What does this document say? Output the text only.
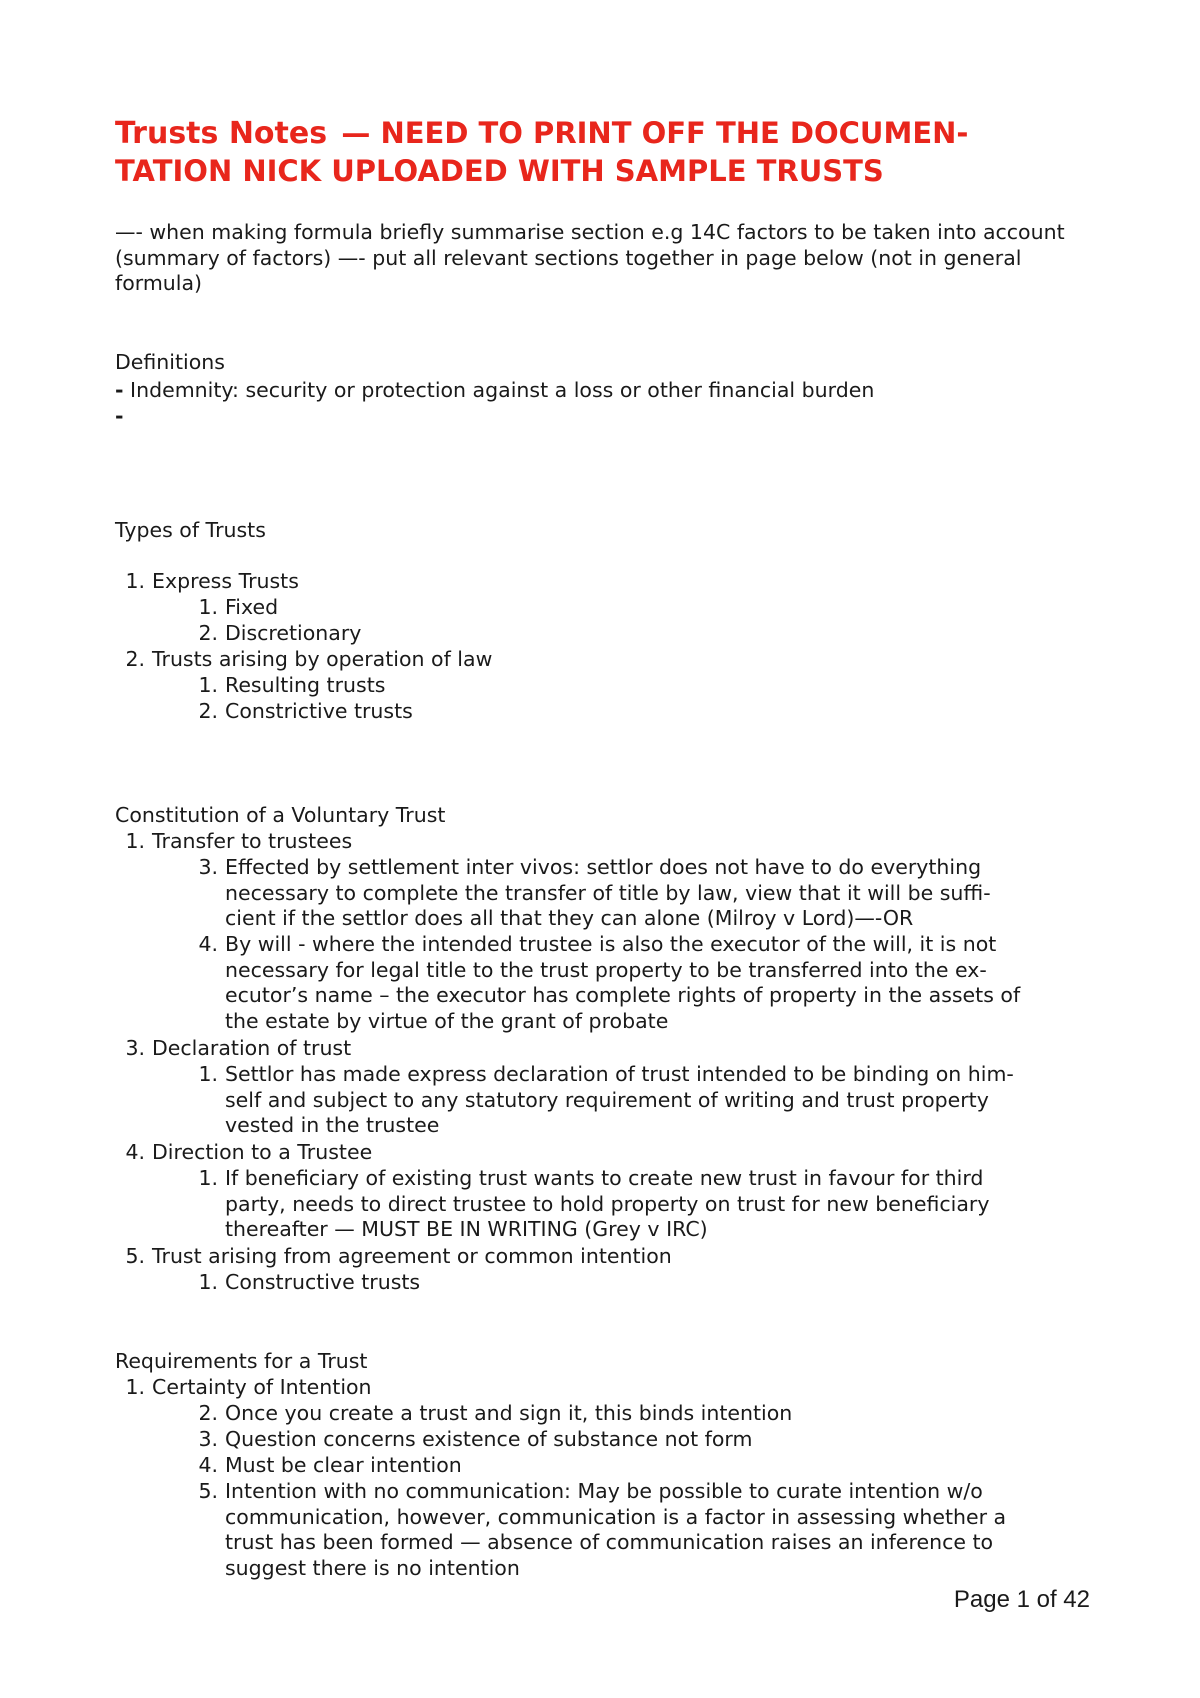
Trusts Notes — NEED TO PRINT OFF THE DOCUMEN-
TATION NICK UPLOADED WITH SAMPLE TRUSTS

—- when making formula briefly summarise section e.g 14C factors to be taken into account (summary of factors) —- put all relevant sections together in page below (not in general formula)

Definitions

- Indemnity: security or protection against a loss or other financial burden
-

Types of Trusts

1. Express Trusts
1. Fixed
2. Discretionary
2. Trusts arising by operation of law
1. Resulting trusts
2. Constrictive trusts

Constitution of a Voluntary Trust

1. Transfer to trustees
3. Effected by settlement inter vivos: settlor does not have to do everything
necessary to complete the transfer of title by law, view that it will be suffi-
cient if the settlor does all that they can alone (Milroy v Lord)—-OR
4. By will - where the intended trustee is also the executor of the will, it is not
necessary for legal title to the trust property to be transferred into the ex-
ecutor’s name – the executor has complete rights of property in the assets of
the estate by virtue of the grant of probate
3. Declaration of trust
1. Settlor has made express declaration of trust intended to be binding on him-
self and subject to any statutory requirement of writing and trust property
vested in the trustee
4. Direction to a Trustee
1. If beneficiary of existing trust wants to create new trust in favour for third
party, needs to direct trustee to hold property on trust for new beneficiary
thereafter — MUST BE IN WRITING (Grey v IRC)
5. Trust arising from agreement or common intention
1. Constructive trusts

Requirements for a Trust

1. Certainty of Intention
2. Once you create a trust and sign it, this binds intention
3. Question concerns existence of substance not form
4. Must be clear intention
5. Intention with no communication: May be possible to curate intention w/o
communication, however, communication is a factor in assessing whether a
trust has been formed — absence of communication raises an inference to
suggest there is no intention
Page 1 of 42
